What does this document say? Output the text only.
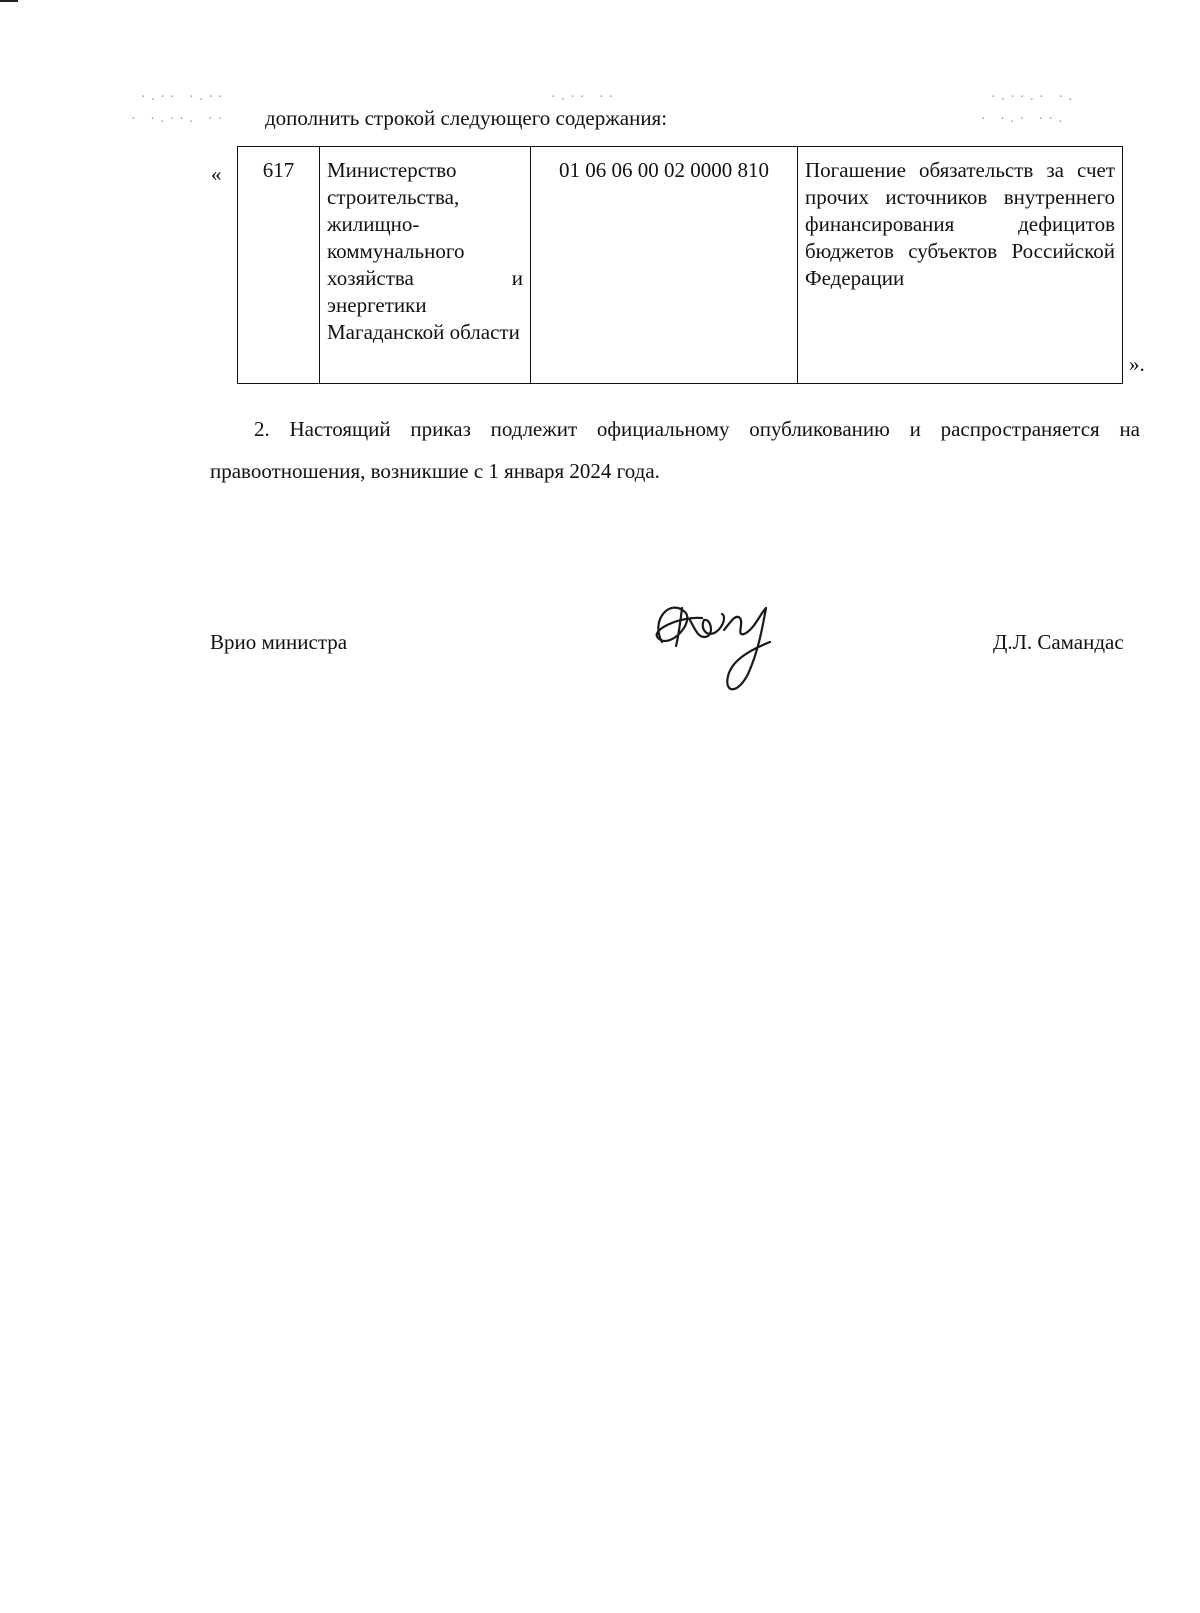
·.·· ·.··
· ·.··. ··
·.·· ··	·.··.· ·.
· ·.· ··.
дополнить строкой следующего содержания:
« 617	Министерство строительства, жилищно-коммунального хозяйства и энергетики Магаданской области	01 06 06 00 02 0000 810	Погашение обязательств за счет прочих источников внутреннего финансирования дефицитов бюджетов субъектов Российской Федерации
».
2. Настоящий приказ подлежит официальному опубликованию и распространяется на правоотношения, возникшие с 1 января 2024 года.
Врио министра	Д.Л. Самандас
